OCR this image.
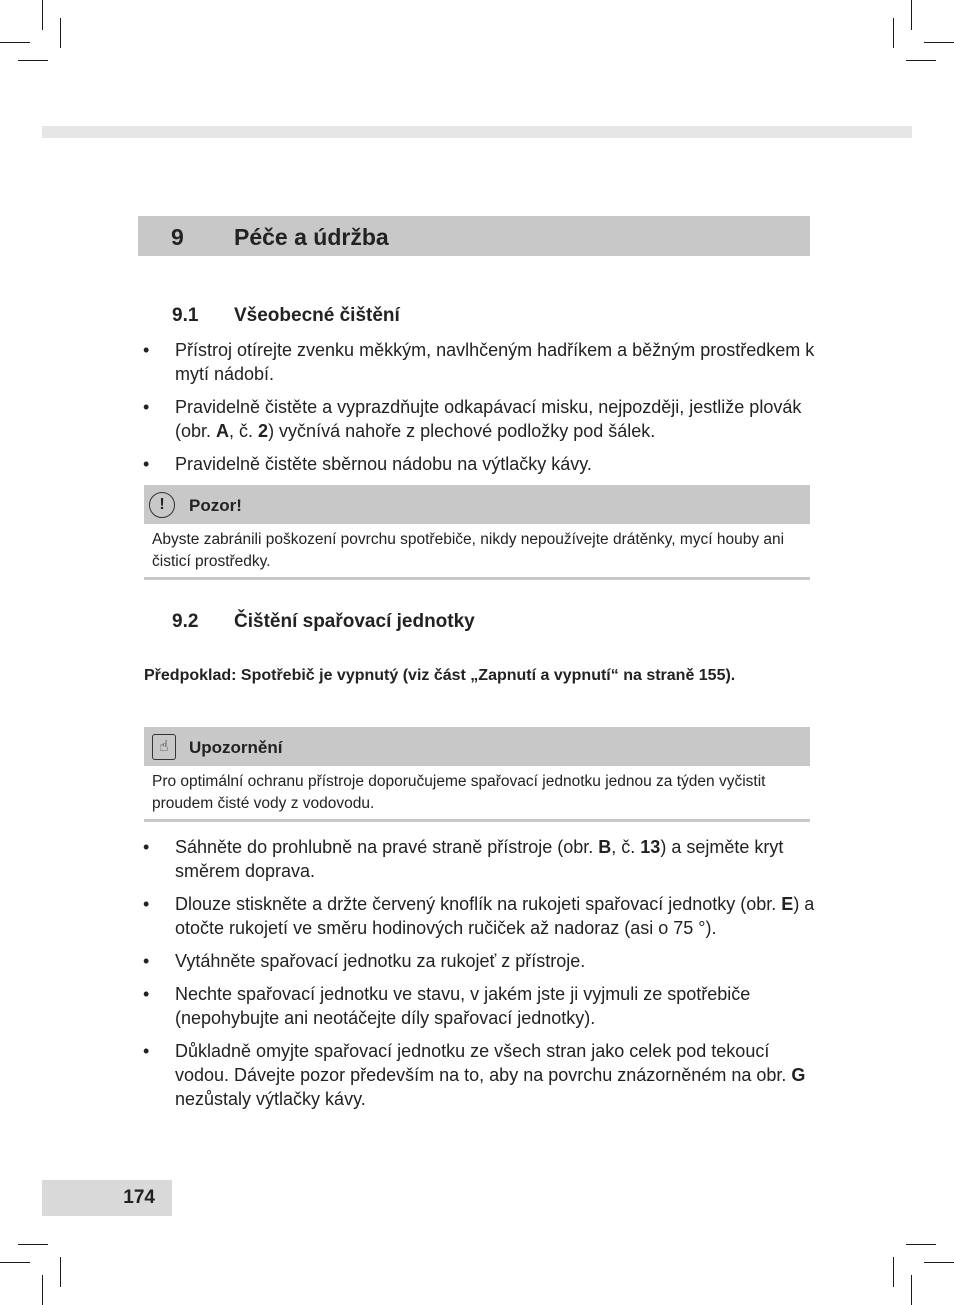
9 Péče a údržba
9.1 Všeobecné čištění
• Přístroj otírejte zvenku měkkým, navlhčeným hadříkem a běžným prostředkem k mytí nádobí.
• Pravidelně čistěte a vyprazdňujte odkapávací misku, nejpozději, jestliže plovák (obr. A, č. 2) vyčnívá nahoře z plechové podložky pod šálek.
• Pravidelně čistěte sběrnou nádobu na výtlačky kávy.
!	Pozor!
Abyste zabránili poškození povrchu spotřebiče, nikdy nepoužívejte drátěnky, mycí houby ani čisticí prostředky.
9.2 Čištění spařovací jednotky
Předpoklad: Spotřebič je vypnutý (viz část „Zapnutí a vypnutí“ na straně 155).
☝	Upozornění
Pro optimální ochranu přístroje doporučujeme spařovací jednotku jednou za týden vyčistit proudem čisté vody z vodovodu.
• Sáhněte do prohlubně na pravé straně přístroje (obr. B, č. 13) a sejměte kryt směrem doprava.
• Dlouze stiskněte a držte červený knoflík na rukojeti spařovací jednotky (obr. E) a otočte rukojetí ve směru hodinových ručiček až nadoraz (asi o 75 °).
• Vytáhněte spařovací jednotku za rukojeť z přístroje.
• Nechte spařovací jednotku ve stavu, v jakém jste ji vyjmuli ze spotřebiče (nepohybujte ani neotáčejte díly spařovací jednotky).
• Důkladně omyjte spařovací jednotku ze všech stran jako celek pod tekoucí vodou. Dávejte pozor především na to, aby na povrchu znázorněném na obr. G nezůstaly výtlačky kávy.
174
